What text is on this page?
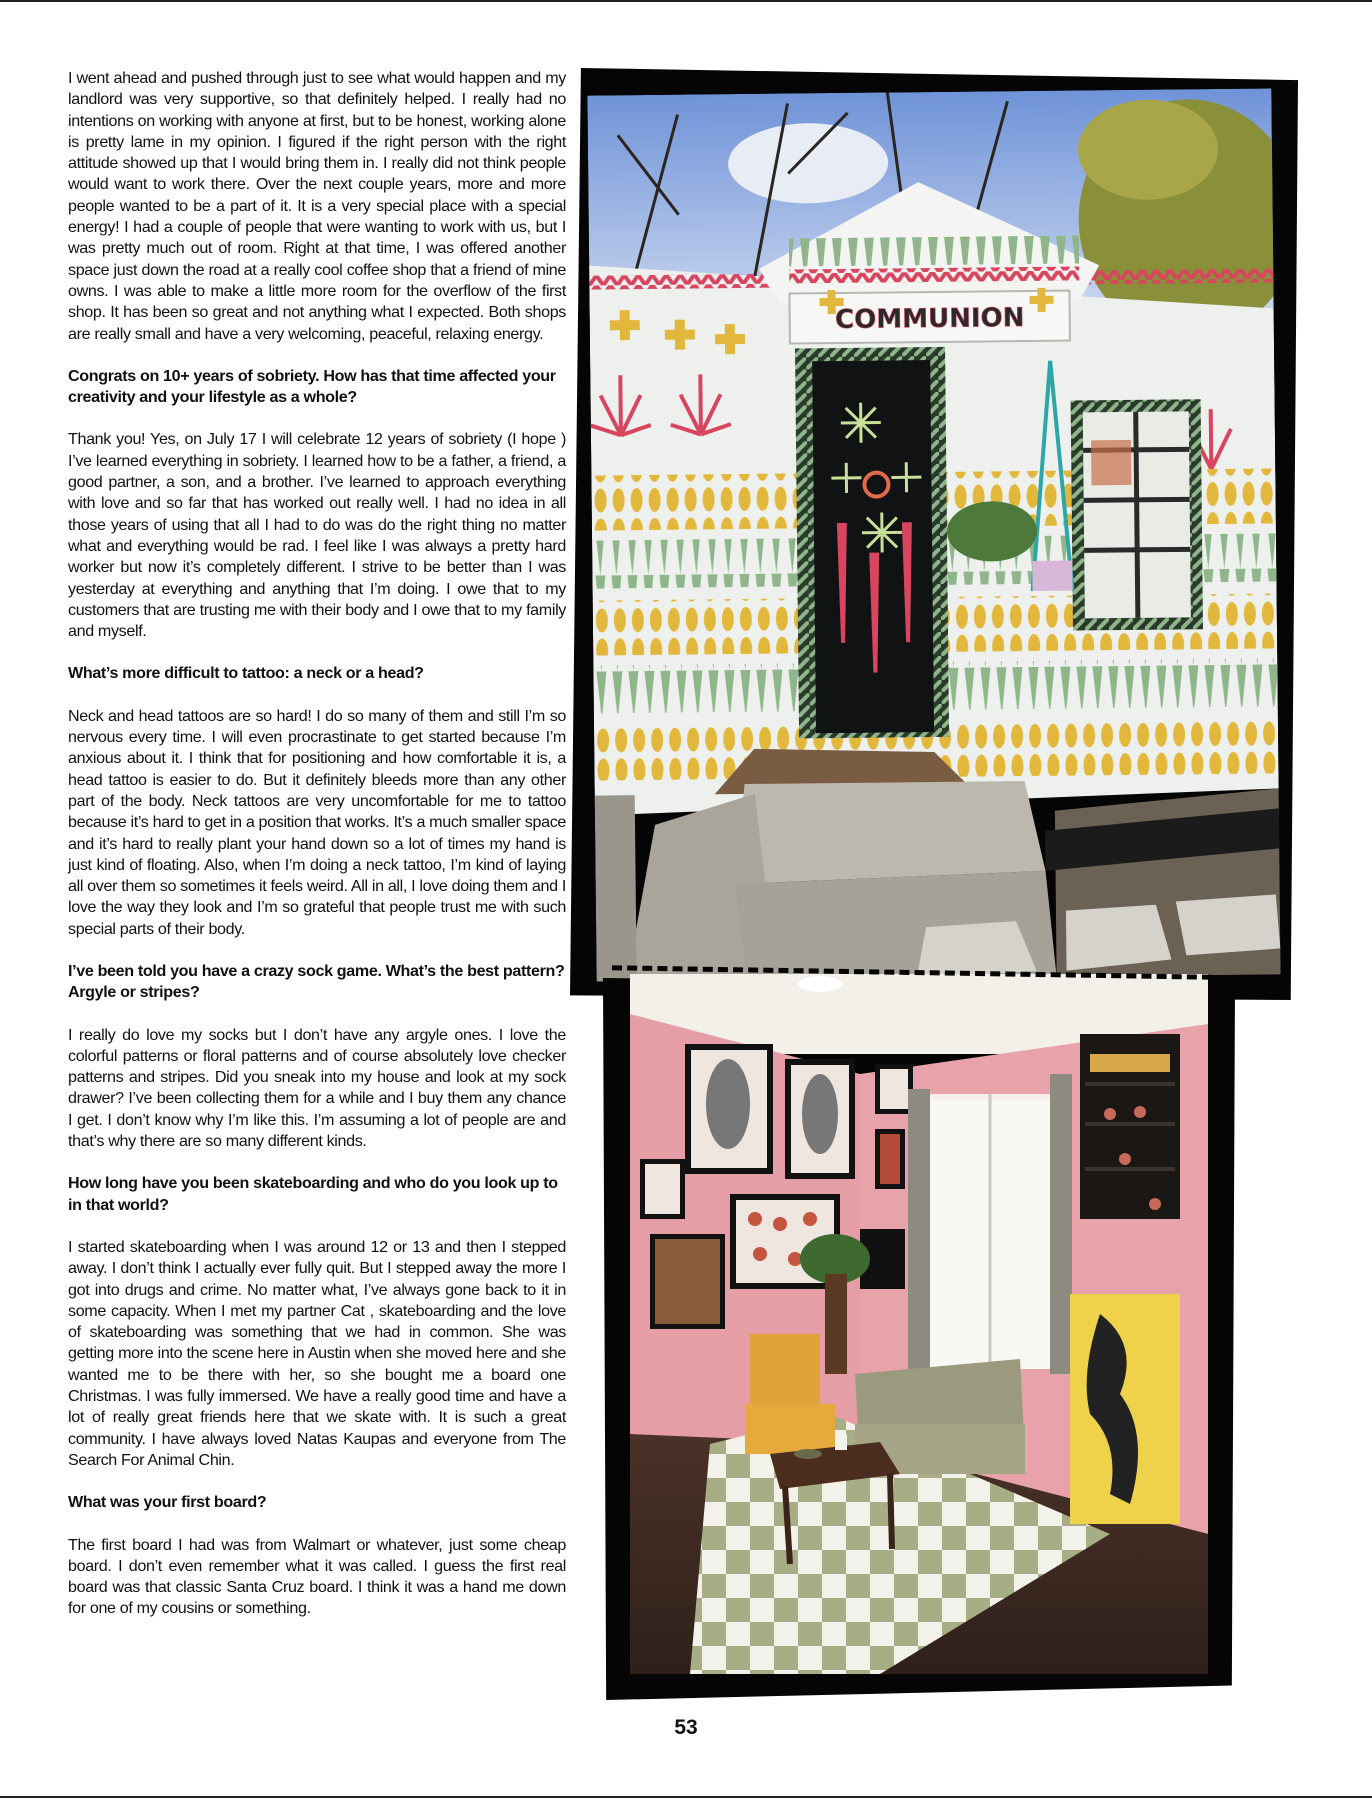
I went ahead and pushed through just to see what would happen and my landlord was very supportive, so that definitely helped. I really had no intentions on working with anyone at first, but to be honest, working alone is pretty lame in my opinion. I figured if the right person with the right attitude showed up that I would bring them in. I really did not think people would want to work there. Over the next couple years, more and more people wanted to be a part of it. It is a very special place with a special energy! I had a couple of people that were wanting to work with us, but I was pretty much out of room. Right at that time, I was offered another space just down the road at a really cool coffee shop that a friend of mine owns. I was able to make a little more room for the overflow of the first shop. It has been so great and not anything what I expected. Both shops are really small and have a very welcoming, peaceful, relaxing energy.

Congrats on 10+ years of sobriety. How has that time affected your creativity and your lifestyle as a whole?

Thank you! Yes, on July 17 I will celebrate 12 years of sobriety (I hope ) I’ve learned everything in sobriety. I learned how to be a father, a friend, a good partner, a son, and a brother. I’ve learned to approach everything with love and so far that has worked out really well. I had no idea in all those years of using that all I had to do was do the right thing no matter what and everything would be rad. I feel like I was always a pretty hard worker but now it’s completely different. I strive to be better than I was yesterday at everything and anything that I’m doing. I owe that to my customers that are trusting me with their body and I owe that to my family and myself.

What’s more difficult to tattoo: a neck or a head?

Neck and head tattoos are so hard! I do so many of them and still I’m so nervous every time. I will even procrastinate to get started because I’m anxious about it. I think that for positioning and how comfortable it is, a head tattoo is easier to do. But it definitely bleeds more than any other part of the body. Neck tattoos are very uncomfortable for me to tattoo because it’s hard to get in a position that works. It’s a much smaller space and it’s hard to really plant your hand down so a lot of times my hand is just kind of floating. Also, when I’m doing a neck tattoo, I’m kind of laying all over them so sometimes it feels weird. All in all, I love doing them and I love the way they look and I’m so grateful that people trust me with such special parts of their body.

I’ve been told you have a crazy sock game. What’s the best pattern? Argyle or stripes?

I really do love my socks but I don’t have any argyle ones. I love the colorful patterns or floral patterns and of course absolutely love checker patterns and stripes. Did you sneak into my house and look at my sock drawer? I’ve been collecting them for a while and I buy them any chance I get. I don’t know why I’m like this. I’m assuming a lot of people are and that’s why there are so many different kinds.

How long have you been skateboarding and who do you look up to in that world?

I started skateboarding when I was around 12 or 13 and then I stepped away. I don’t think I actually ever fully quit. But I stepped away the more I got into drugs and crime. No matter what, I’ve always gone back to it in some capacity. When I met my partner Cat , skateboarding and the love of skateboarding was something that we had in common. She was getting more into the scene here in Austin when she moved here and she wanted me to be there with her, so she bought me a board one Christmas. I was fully immersed. We have a really good time and have a lot of really great friends here that we skate with. It is such a great community. I have always loved Natas Kaupas and everyone from The Search For Animal Chin.

What was your first board?

The first board I had was from Walmart or whatever, just some cheap board. I don’t even remember what it was called. I guess the first real board was that classic Santa Cruz board. I think it was a hand me down for one of my cousins or something.

COMMUNION
53
